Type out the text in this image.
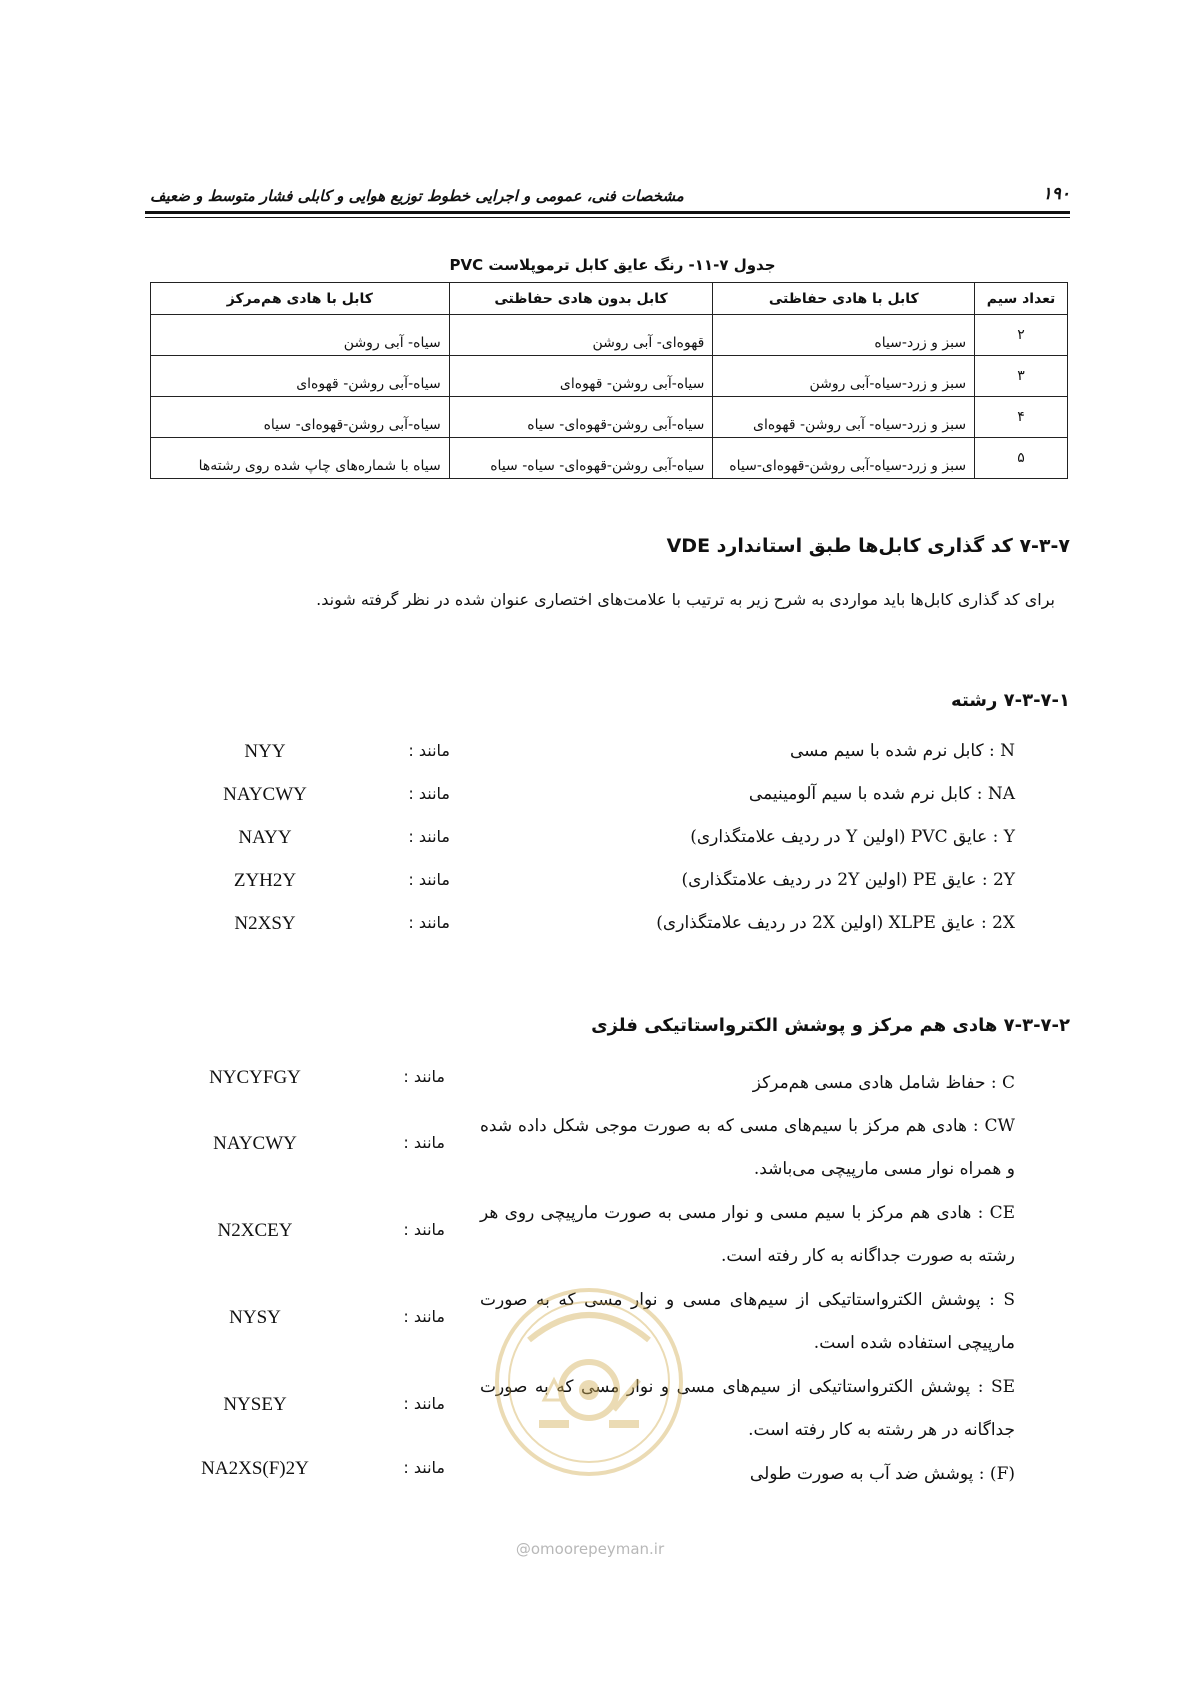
۱۹۰
مشخصات فنی، عمومی و اجرایی خطوط توزیع هوایی و کابلی فشار متوسط و ضعیف
جدول ۷-۱۱- رنگ عایق کابل ترموپلاست PVC
تعداد سیم	کابل با هادی حفاظتی	کابل بدون هادی حفاظتی	کابل با هادی هم‌مرکز
۲	سبز و زرد-سیاه	قهوه‌ای- آبی روشن	سیاه- آبی روشن
۳	سبز و زرد-سیاه-آبی روشن	سیاه-آبی روشن- قهوه‌ای	سیاه-آبی روشن- قهوه‌ای
۴	سبز و زرد-سیاه- آبی روشن- قهوه‌ای	سیاه-آبی روشن-قهوه‌ای- سیاه	سیاه-آبی روشن-قهوه‌ای- سیاه
۵	سبز و زرد-سیاه-آبی روشن-قهوه‌ای-سیاه	سیاه-آبی روشن-قهوه‌ای- سیاه- سیاه	سیاه با شماره‌های چاپ شده روی رشته‌ها
۷-۳-۷ کد گذاری کابل‌ها طبق استاندارد VDE
برای کد گذاری کابل‌ها باید مواردی به شرح زیر به ترتیب با علامت‌های اختصاری عنوان شده در نظر گرفته شوند.
۷-۳-۷-۱ رشته
N : کابل نرم شده با سیم مسی
مانند :
NYY
NA : کابل نرم شده با سیم آلومینیمی
مانند :
NAYCWY
Y : عایق PVC (اولین Y در ردیف علامتگذاری)
مانند :
NAYY
2Y : عایق PE (اولین 2Y در ردیف علامتگذاری)
مانند :
ZYH2Y
2X : عایق XLPE (اولین 2X در ردیف علامتگذاری)
مانند :
N2XSY
۷-۳-۷-۲ هادی هم مرکز و پوشش الکترواستاتیکی فلزی
C : حفاظ شامل هادی مسی هم‌مرکز
مانند :
NYCYFGY
CW : هادی هم مرکز با سیم‌های مسی که به صورت موجی شکل داده شده و همراه نوار مسی مارپیچی می‌باشد.
مانند :
NAYCWY
CE : هادی هم مرکز با سیم مسی و نوار مسی به صورت مارپیچی روی هر رشته به صورت جداگانه به کار رفته است.
مانند :
N2XCEY
S : پوشش الکترواستاتیکی از سیم‌های مسی و نوار مسی که به صورت مارپیچی استفاده شده است.
مانند :
NYSY
SE : پوشش الکترواستاتیکی از سیم‌های مسی و نوار مسی که به صورت جداگانه در هر رشته به کار رفته است.
مانند :
NYSEY
(F) : پوشش ضد آب به صورت طولی
مانند :
NA2XS(F)2Y
@omoorepeyman.ir
